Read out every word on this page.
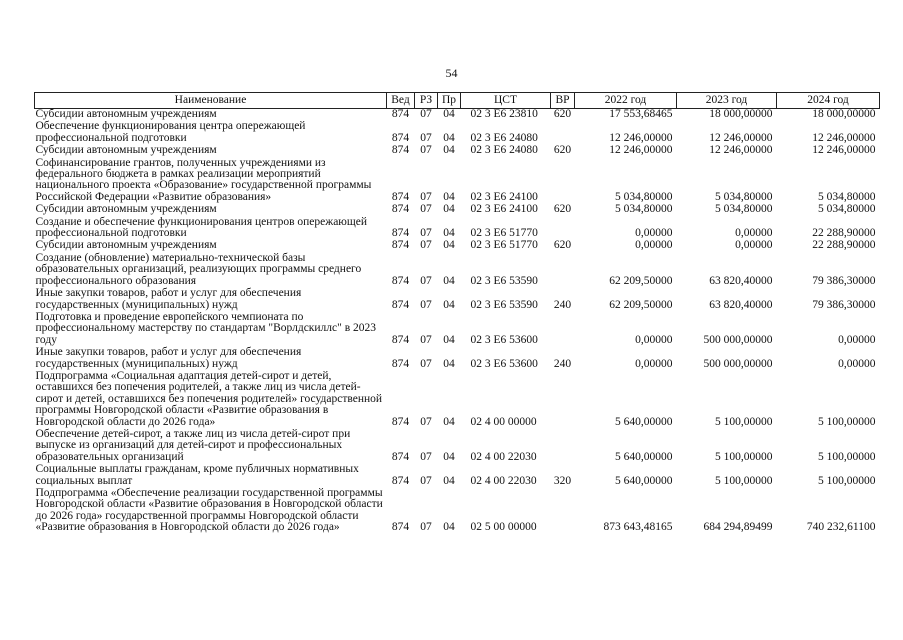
54
Наименование	Вед	РЗ	Пр	ЦСТ	ВР	2022 год	2023 год	2024 год
Субсидии автономным учреждениям	874	07	04	02 3 Е6 23810	620	17 553,68465	18 000,00000	18 000,00000
Обеспечение функционирования центра опережающей профессиональной подготовки	874	07	04	02 3 Е6 24080		12 246,00000	12 246,00000	12 246,00000
Субсидии автономным учреждениям	874	07	04	02 3 Е6 24080	620	12 246,00000	12 246,00000	12 246,00000
Софинансирование грантов, полученных учреждениями из федерального бюджета в рамках реализации мероприятий национального проекта «Образование» государственной программы Российской Федерации «Развитие образования»	874	07	04	02 3 Е6 24100		5 034,80000	5 034,80000	5 034,80000
Субсидии автономным учреждениям	874	07	04	02 3 Е6 24100	620	5 034,80000	5 034,80000	5 034,80000
Создание и обеспечение функционирования центров опережающей профессиональной подготовки	874	07	04	02 3 Е6 51770		0,00000	0,00000	22 288,90000
Субсидии автономным учреждениям	874	07	04	02 3 Е6 51770	620	0,00000	0,00000	22 288,90000
Создание (обновление) материально-технической базы образовательных организаций, реализующих программы среднего профессионального образования	874	07	04	02 3 Е6 53590		62 209,50000	63 820,40000	79 386,30000
Иные закупки товаров, работ и услуг для обеспечения государственных (муниципальных) нужд	874	07	04	02 3 Е6 53590	240	62 209,50000	63 820,40000	79 386,30000
Подготовка и проведение европейского чемпионата по профессиональному мастерству по стандартам "Ворлдскиллс" в 2023 году	874	07	04	02 3 Е6 53600		0,00000	500 000,00000	0,00000
Иные закупки товаров, работ и услуг для обеспечения государственных (муниципальных) нужд	874	07	04	02 3 Е6 53600	240	0,00000	500 000,00000	0,00000
Подпрограмма «Социальная адаптация детей-сирот и детей, оставшихся без попечения родителей, а также лиц из числа детей-сирот и детей, оставшихся без попечения родителей» государственной программы Новгородской области «Развитие образования в Новгородской области до 2026 года»	874	07	04	02 4 00 00000		5 640,00000	5 100,00000	5 100,00000
Обеспечение детей-сирот, а также лиц из числа детей-сирот при выпуске из организаций для детей-сирот и профессиональных образовательных организаций	874	07	04	02 4 00 22030		5 640,00000	5 100,00000	5 100,00000
Социальные выплаты гражданам, кроме публичных нормативных социальных выплат	874	07	04	02 4 00 22030	320	5 640,00000	5 100,00000	5 100,00000
Подпрограмма «Обеспечение реализации государственной программы Новгородской области «Развитие образования в Новгородской области до 2026 года» государственной программы Новгородской области «Развитие образования в Новгородской области до 2026 года»	874	07	04	02 5 00 00000		873 643,48165	684 294,89499	740 232,61100
